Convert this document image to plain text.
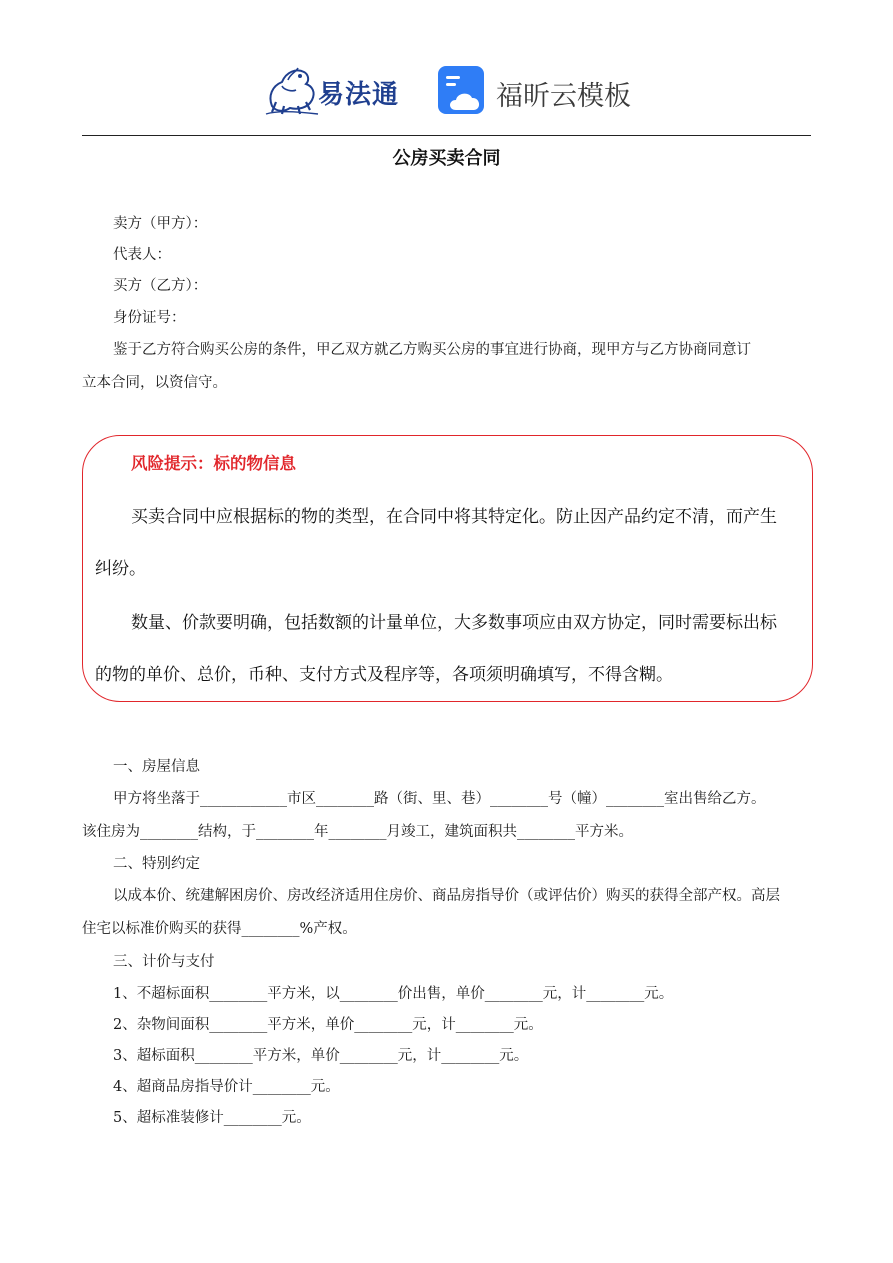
易法通	福昕云模板
公房买卖合同
卖方（甲方）：
代表人：
买方（乙方）：
身份证号：
鉴于乙方符合购买公房的条件，甲乙双方就乙方购买公房的事宜进行协商，现甲方与乙方协商同意订
立本合同，以资信守。
风险提示：标的物信息
买卖合同中应根据标的物的类型，在合同中将其特定化。防止因产品约定不清，而产生
纠纷。
数量、价款要明确，包括数额的计量单位，大多数事项应由双方协定，同时需要标出标
的物的单价、总价，币种、支付方式及程序等，各项须明确填写，不得含糊。
一、房屋信息
甲方将坐落于____________市区________路（街、里、巷）________号（幢）________室出售给乙方。
该住房为________结构，于________年________月竣工，建筑面积共________平方米。
二、特别约定
以成本价、统建解困房价、房改经济适用住房价、商品房指导价（或评估价）购买的获得全部产权。高层
住宅以标准价购买的获得________%产权。
三、计价与支付
1、不超标面积________平方米，以________价出售，单价________元，计________元。
2、杂物间面积________平方米，单价________元，计________元。
3、超标面积________平方米，单价________元，计________元。
4、超商品房指导价计________元。
5、超标准装修计________元。
